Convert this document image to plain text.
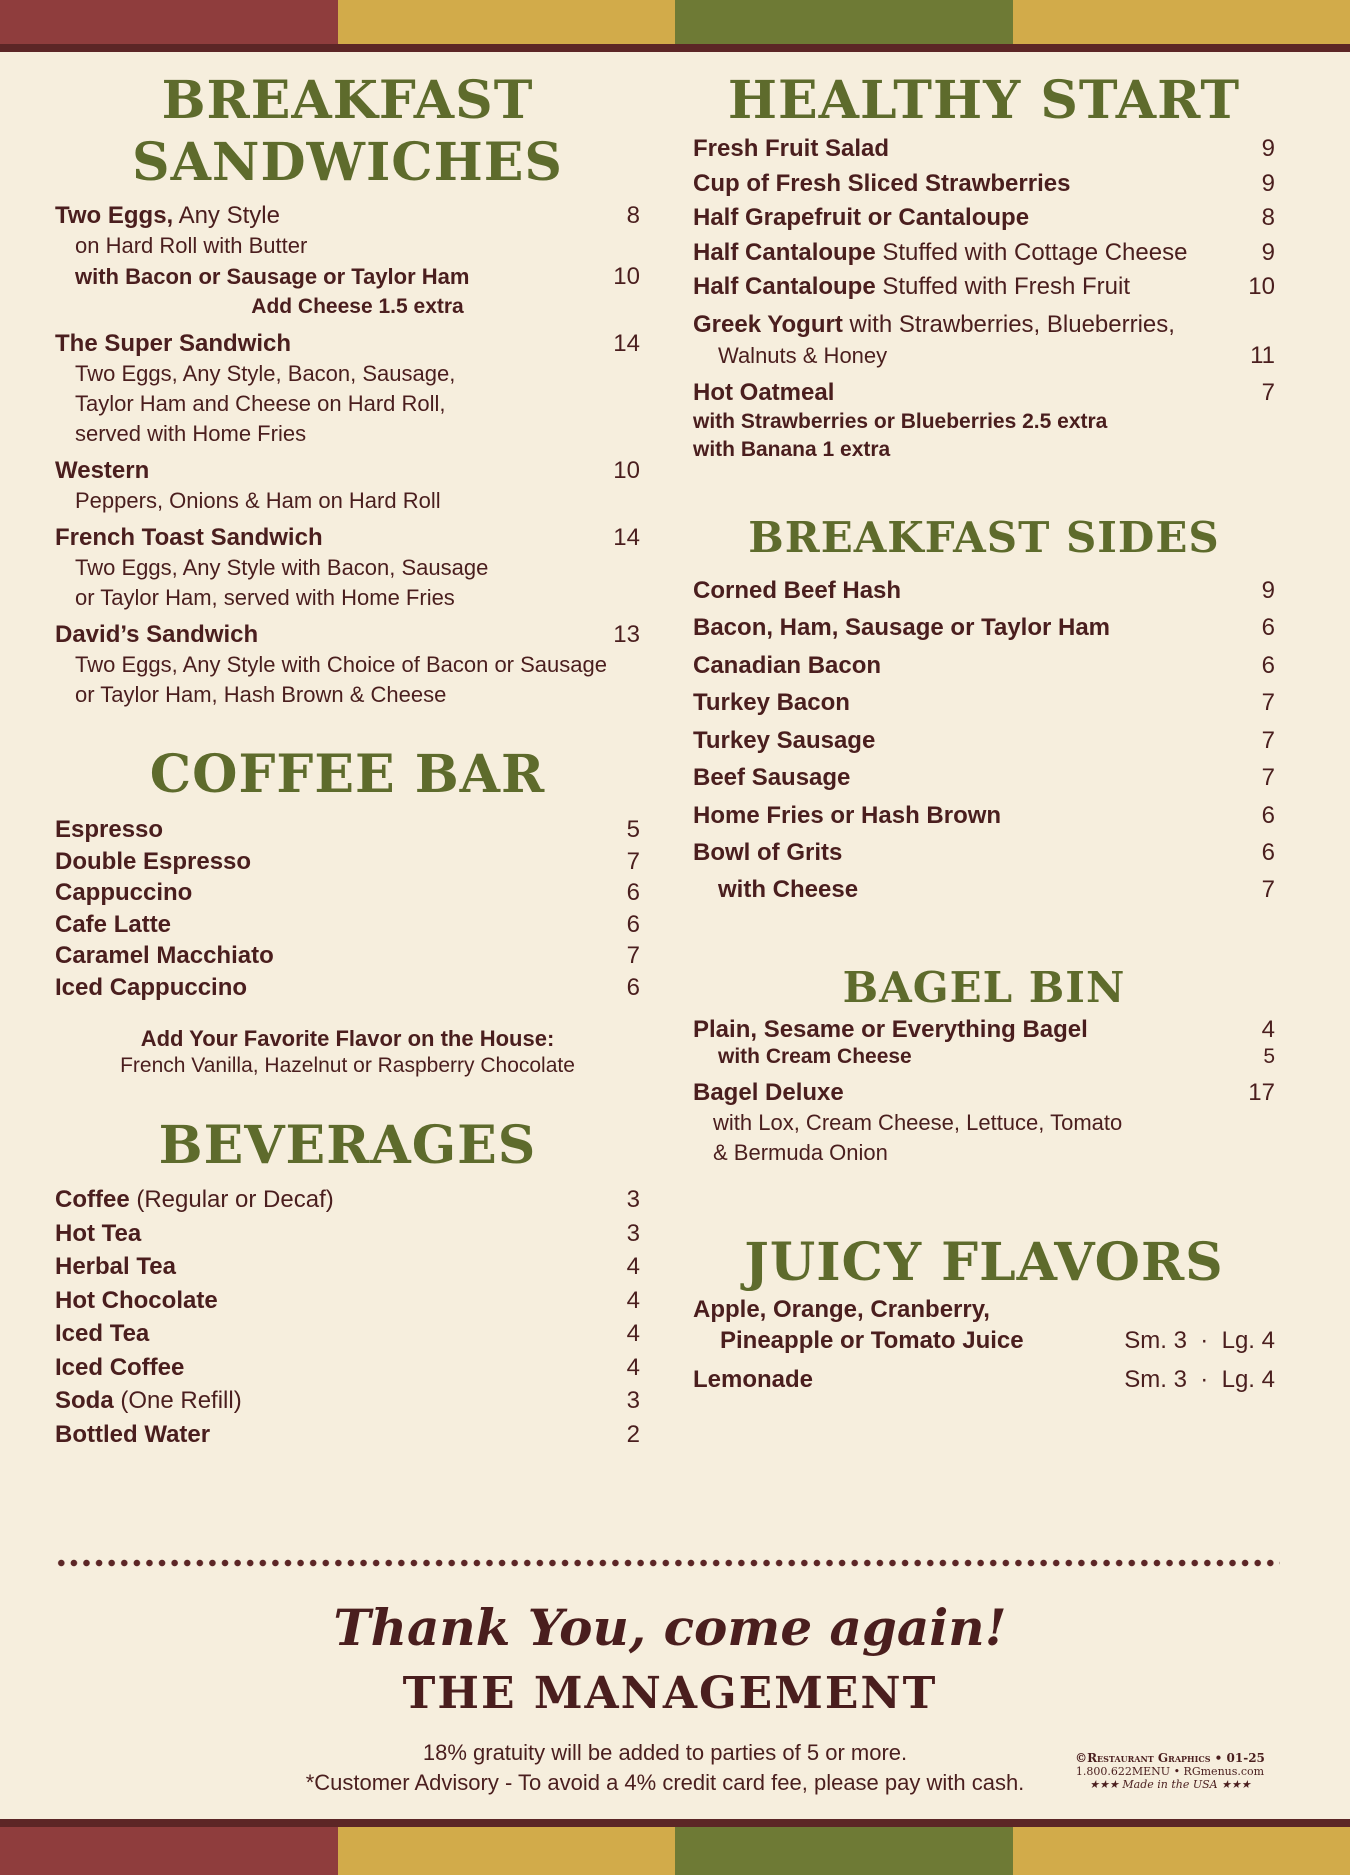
BREAKFAST
SANDWICHES
Two Eggs, Any Style	8
on Hard Roll with Butter
with Bacon or Sausage or Taylor Ham	10
Add Cheese 1.5 extra
The Super Sandwich	14
Two Eggs, Any Style, Bacon, Sausage,
Taylor Ham and Cheese on Hard Roll,
served with Home Fries
Western	10
Peppers, Onions & Ham on Hard Roll
French Toast Sandwich	14
Two Eggs, Any Style with Bacon, Sausage
or Taylor Ham, served with Home Fries
David’s Sandwich	13
Two Eggs, Any Style with Choice of Bacon or Sausage
or Taylor Ham, Hash Brown & Cheese
COFFEE BAR
Espresso	5
Double Espresso	7
Cappuccino	6
Cafe Latte	6
Caramel Macchiato	7
Iced Cappuccino	6
Add Your Favorite Flavor on the House:
French Vanilla, Hazelnut or Raspberry Chocolate
BEVERAGES
Coffee (Regular or Decaf)	3
Hot Tea	3
Herbal Tea	4
Hot Chocolate	4
Iced Tea	4
Iced Coffee	4
Soda (One Refill)	3
Bottled Water	2
HEALTHY START
Fresh Fruit Salad	9
Cup of Fresh Sliced Strawberries	9
Half Grapefruit or Cantaloupe	8
Half Cantaloupe Stuffed with Cottage Cheese	9
Half Cantaloupe Stuffed with Fresh Fruit	10
Greek Yogurt with Strawberries, Blueberries,
Walnuts & Honey	11
Hot Oatmeal	7
with Strawberries or Blueberries 2.5 extra
with Banana 1 extra
BREAKFAST SIDES
Corned Beef Hash	9
Bacon, Ham, Sausage or Taylor Ham	6
Canadian Bacon	6
Turkey Bacon	7
Turkey Sausage	7
Beef Sausage	7
Home Fries or Hash Brown	6
Bowl of Grits	6
with Cheese	7
BAGEL BIN
Plain, Sesame or Everything Bagel	4
with Cream Cheese	5
Bagel Deluxe	17
with Lox, Cream Cheese, Lettuce, Tomato
& Bermuda Onion
JUICY FLAVORS
Apple, Orange, Cranberry,
Pineapple or Tomato Juice	Sm. 3  ·  Lg. 4
Lemonade	Sm. 3  ·  Lg. 4
Thank You, come again!
THE MANAGEMENT
18% gratuity will be added to parties of 5 or more.
*Customer Advisory - To avoid a 4% credit card fee, please pay with cash.
©Restaurant Graphics • 01-25
1.800.622MENU • RGmenus.com
★★★ Made in the USA ★★★
